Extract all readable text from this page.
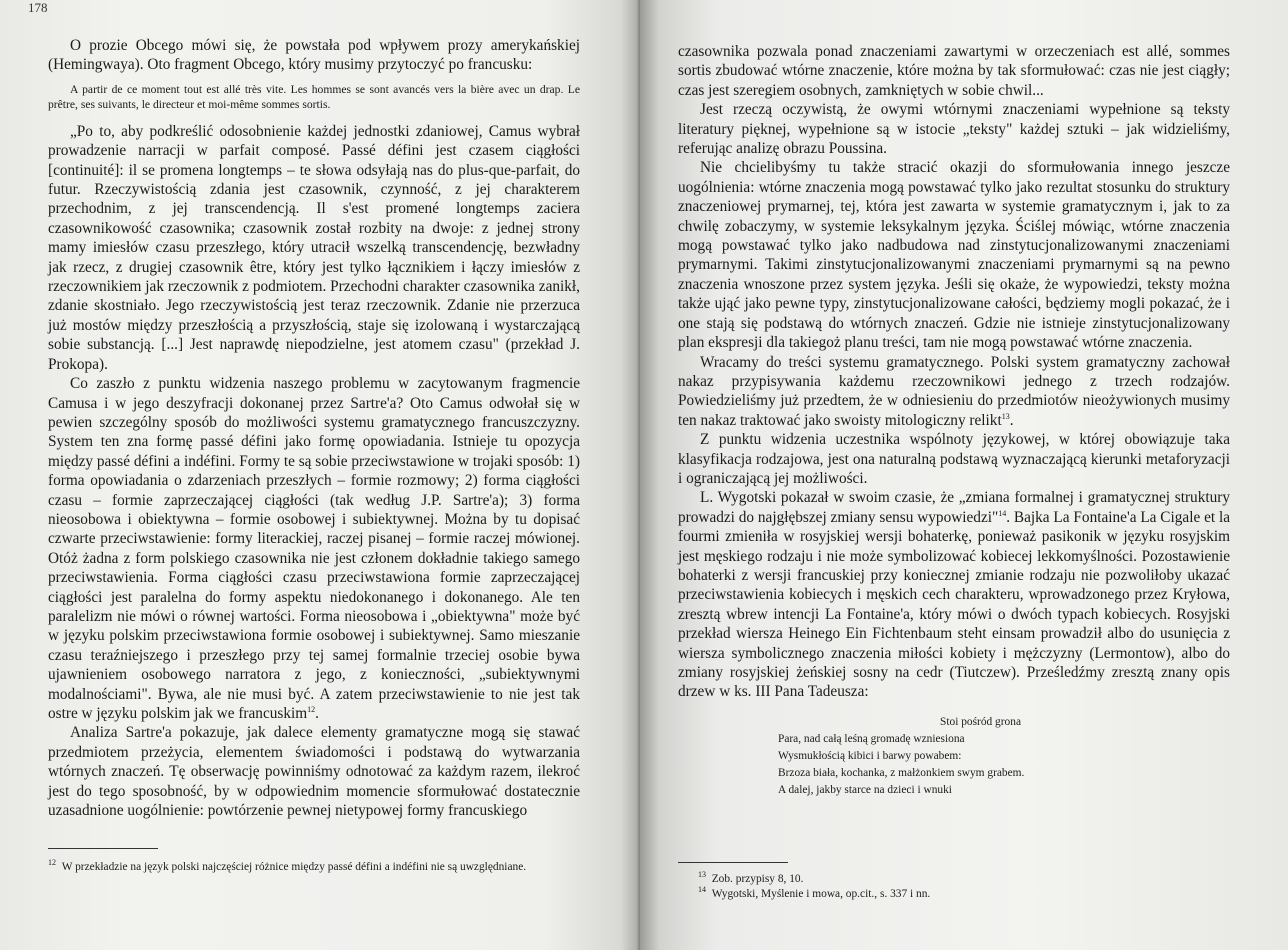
178

O prozie Obcego mówi się, że powstała pod wpływem prozy amerykańskiej (Hemingwaya). Oto fragment Obcego, który musimy przytoczyć po francusku:

A partir de ce moment tout est allé très vite. Les hommes se sont avancés vers la bière avec un drap. Le prêtre, ses suivants, le directeur et moi-même sommes sortis.

„Po to, aby podkreślić odosobnienie każdej jednostki zdaniowej, Camus wybrał prowadzenie narracji w parfait composé. Passé défini jest czasem ciągłości [continuité]: il se promena longtemps – te słowa odsyłają nas do plus-que-parfait, do futur. Rzeczywistością zdania jest czasownik, czynność, z jej charakterem przechodnim, z jej transcendencją. Il s'est promené longtemps zaciera czasownikowość czasownika; czasownik został rozbity na dwoje: z jednej strony mamy imiesłów czasu przeszłego, który utracił wszelką transcendencję, bezwładny jak rzecz, z drugiej czasownik être, który jest tylko łącznikiem i łączy imiesłów z rzeczownikiem jak rzeczownik z podmiotem. Przechodni charakter czasownika zanikł, zdanie skostniało. Jego rzeczywistością jest teraz rzeczownik. Zdanie nie przerzuca już mostów między przeszłością a przyszłością, staje się izolowaną i wystarczającą sobie substancją. [...] Jest naprawdę niepodzielne, jest atomem czasu" (przekład J. Prokopa).

Co zaszło z punktu widzenia naszego problemu w zacytowanym fragmencie Camusa i w jego deszyfracji dokonanej przez Sartre'a? Oto Camus odwołał się w pewien szczególny sposób do możliwości systemu gramatycznego francuszczyzny. System ten zna formę passé défini jako formę opowiadania. Istnieje tu opozycja między passé défini a indéfini. Formy te są sobie przeciwstawione w trojaki sposób: 1) forma opowiadania o zdarzeniach przeszłych – formie rozmowy; 2) forma ciągłości czasu – formie zaprzeczającej ciągłości (tak według J.P. Sartre'a); 3) forma nieosobowa i obiektywna – formie osobowej i subiektywnej. Można by tu dopisać czwarte przeciwstawienie: formy literackiej, raczej pisanej – formie raczej mówionej. Otóż żadna z form polskiego czasownika nie jest członem dokładnie takiego samego przeciwstawienia. Forma ciągłości czasu przeciwstawiona formie zaprzeczającej ciągłości jest paralelna do formy aspektu niedokonanego i dokonanego. Ale ten paralelizm nie mówi o równej wartości. Forma nieosobowa i „obiektywna" może być w języku polskim przeciwstawiona formie osobowej i subiektywnej. Samo mieszanie czasu teraźniejszego i przeszłego przy tej samej formalnie trzeciej osobie bywa ujawnieniem osobowego narratora z jego, z konieczności, „subiektywnymi modalnościami". Bywa, ale nie musi być. A zatem przeciwstawienie to nie jest tak ostre w języku polskim jak we francuskim$^{12}$.

Analiza Sartre'a pokazuje, jak dalece elementy gramatyczne mogą się stawać przedmiotem przeżycia, elementem świadomości i podstawą do wytwarzania wtórnych znaczeń. Tę obserwację powinniśmy odnotować za każdym razem, ilekroć jest do tego sposobność, by w odpowiednim momencie sformułować dostatecznie uzasadnione uogólnienie: powtórzenie pewnej nietypowej formy francuskiego

$^{12}$ W przekładzie na język polski najczęściej różnice między passé défini a indéfini nie są uwzględniane.

czasownika pozwala ponad znaczeniami zawartymi w orzeczeniach est allé, sommes sortis zbudować wtórne znaczenie, które można by tak sformułować: czas nie jest ciągły; czas jest szeregiem osobnych, zamkniętych w sobie chwil...

Jest rzeczą oczywistą, że owymi wtórnymi znaczeniami wypełnione są teksty literatury pięknej, wypełnione są w istocie „teksty" każdej sztuki – jak widzieliśmy, referując analizę obrazu Poussina.

Nie chcielibyśmy tu także stracić okazji do sformułowania innego jeszcze uogólnienia: wtórne znaczenia mogą powstawać tylko jako rezultat stosunku do struktury znaczeniowej prymarnej, tej, która jest zawarta w systemie gramatycznym i, jak to za chwilę zobaczymy, w systemie leksykalnym języka. Ściślej mówiąc, wtórne znaczenia mogą powstawać tylko jako nadbudowa nad zinstytucjonalizowanymi znaczeniami prymarnymi. Takimi zinstytucjonalizowanymi znaczeniami prymarnymi są na pewno znaczenia wnoszone przez system języka. Jeśli się okaże, że wypowiedzi, teksty można także ująć jako pewne typy, zinstytucjonalizowane całości, będziemy mogli pokazać, że i one stają się podstawą do wtórnych znaczeń. Gdzie nie istnieje zinstytucjonalizowany plan ekspresji dla takiegoż planu treści, tam nie mogą powstawać wtórne znaczenia.

Wracamy do treści systemu gramatycznego. Polski system gramatyczny zachował nakaz przypisywania każdemu rzeczownikowi jednego z trzech rodzajów. Powiedzieliśmy już przedtem, że w odniesieniu do przedmiotów nieożywionych musimy ten nakaz traktować jako swoisty mitologiczny relikt$^{13}$.

Z punktu widzenia uczestnika wspólnoty językowej, w której obowiązuje taka klasyfikacja rodzajowa, jest ona naturalną podstawą wyznaczającą kierunki metaforyzacji i ograniczającą jej możliwości.

L. Wygotski pokazał w swoim czasie, że „zmiana formalnej i gramatycznej struktury prowadzi do najgłębszej zmiany sensu wypowiedzi"$^{14}$. Bajka La Fontaine'a La Cigale et la fourmi zmieniła w rosyjskiej wersji bohaterkę, ponieważ pasikonik w języku rosyjskim jest męskiego rodzaju i nie może symbolizować kobiecej lekkomyślności. Pozostawienie bohaterki z wersji francuskiej przy koniecznej zmianie rodzaju nie pozwoliłoby ukazać przeciwstawienia kobiecych i męskich cech charakteru, wprowadzonego przez Kryłowa, zresztą wbrew intencji La Fontaine'a, który mówi o dwóch typach kobiecych. Rosyjski przekład wiersza Heinego Ein Fichtenbaum steht einsam prowadził albo do usunięcia z wiersza symbolicznego znaczenia miłości kobiety i mężczyzny (Lermontow), albo do zmiany rosyjskiej żeńskiej sosny na cedr (Tiutczew). Prześledźmy zresztą znany opis drzew w ks. III Pana Tadeusza:

Stoi pośród grona
Para, nad całą leśną gromadę wzniesiona
Wysmukłością kibici i barwy powabem:
Brzoza biała, kochanka, z małżonkiem swym grabem.
A dalej, jakby starce na dzieci i wnuki

$^{13}$ Zob. przypisy 8, 10.

$^{14}$ Wygotski, Myślenie i mowa, op.cit., s. 337 i nn.
